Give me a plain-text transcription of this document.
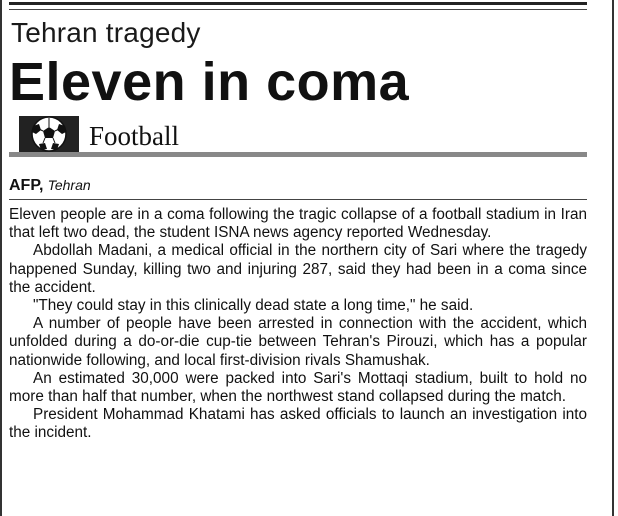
Tehran tragedy
Eleven in coma
Football
AFP, Tehran

Eleven people are in a coma following the tragic collapse of a football stadium in Iran that left two dead, the student ISNA news agency reported Wednesday.

Abdollah Madani, a medical official in the northern city of Sari where the tragedy happened Sunday, killing two and injuring 287, said they had been in a coma since the accident.

"They could stay in this clinically dead state a long time," he said.

A number of people have been arrested in connection with the accident, which unfolded during a do-or-die cup-tie between Tehran's Pirouzi, which has a popular nationwide following, and local first-division rivals Shamushak.

An estimated 30,000 were packed into Sari's Mottaqi stadium, built to hold no more than half that number, when the northwest stand collapsed during the match.

President Mohammad Khatami has asked officials to launch an investigation into the incident.
